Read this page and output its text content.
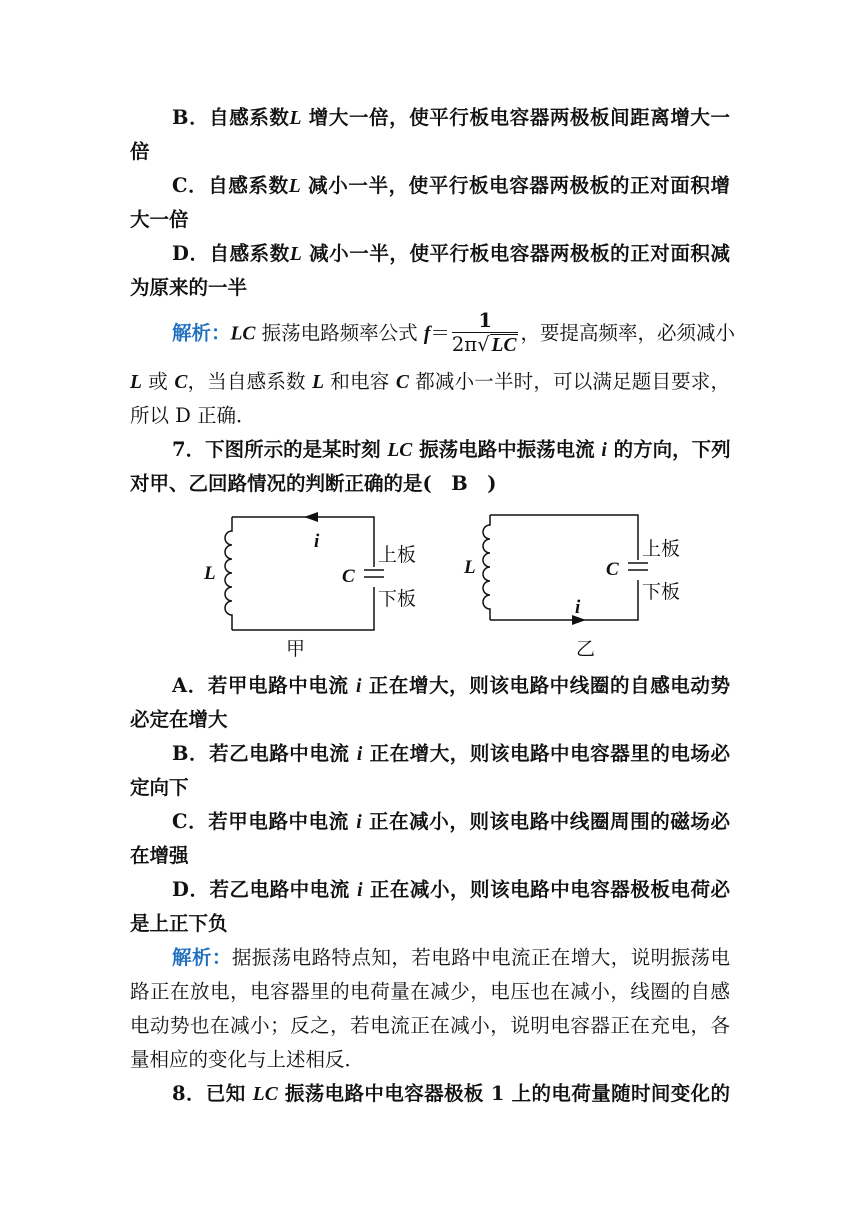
B．自感系数L 增大一倍，使平行板电容器两极板间距离增大一
倍
C．自感系数L 减小一半，使平行板电容器两极板的正对面积增
大一倍
D．自感系数L 减小一半，使平行板电容器两极板的正对面积减
为原来的一半
解析：LC 振荡电路频率公式 $f= \frac{1}{2\pi√ LC}$ ，要提高频率，必须减小
L 或 C，当自感系数 L 和电容 C 都减小一半时，可以满足题目要求，
所以 D 正确．
7．下图所示的是某时刻 LC 振荡电路中振荡电流 i 的方向，下列
对甲、乙回路情况的判断正确的是(　B　)
i
L	C
上板
下板
甲
i
L	C
上板
下板
乙
A．若甲电路中电流 i 正在增大，则该电路中线圈的自感电动势
必定在增大
B．若乙电路中电流 i 正在增大，则该电路中电容器里的电场必
定向下
C．若甲电路中电流 i 正在减小，则该电路中线圈周围的磁场必
在增强
D．若乙电路中电流 i 正在减小，则该电路中电容器极板电荷必
是上正下负
解析：据振荡电路特点知，若电路中电流正在增大，说明振荡电
路正在放电，电容器里的电荷量在减少，电压也在减小，线圈的自感
电动势也在减小；反之，若电流正在减小，说明电容器正在充电，各
量相应的变化与上述相反．
8．已知 LC 振荡电路中电容器极板 1 上的电荷量随时间变化的
